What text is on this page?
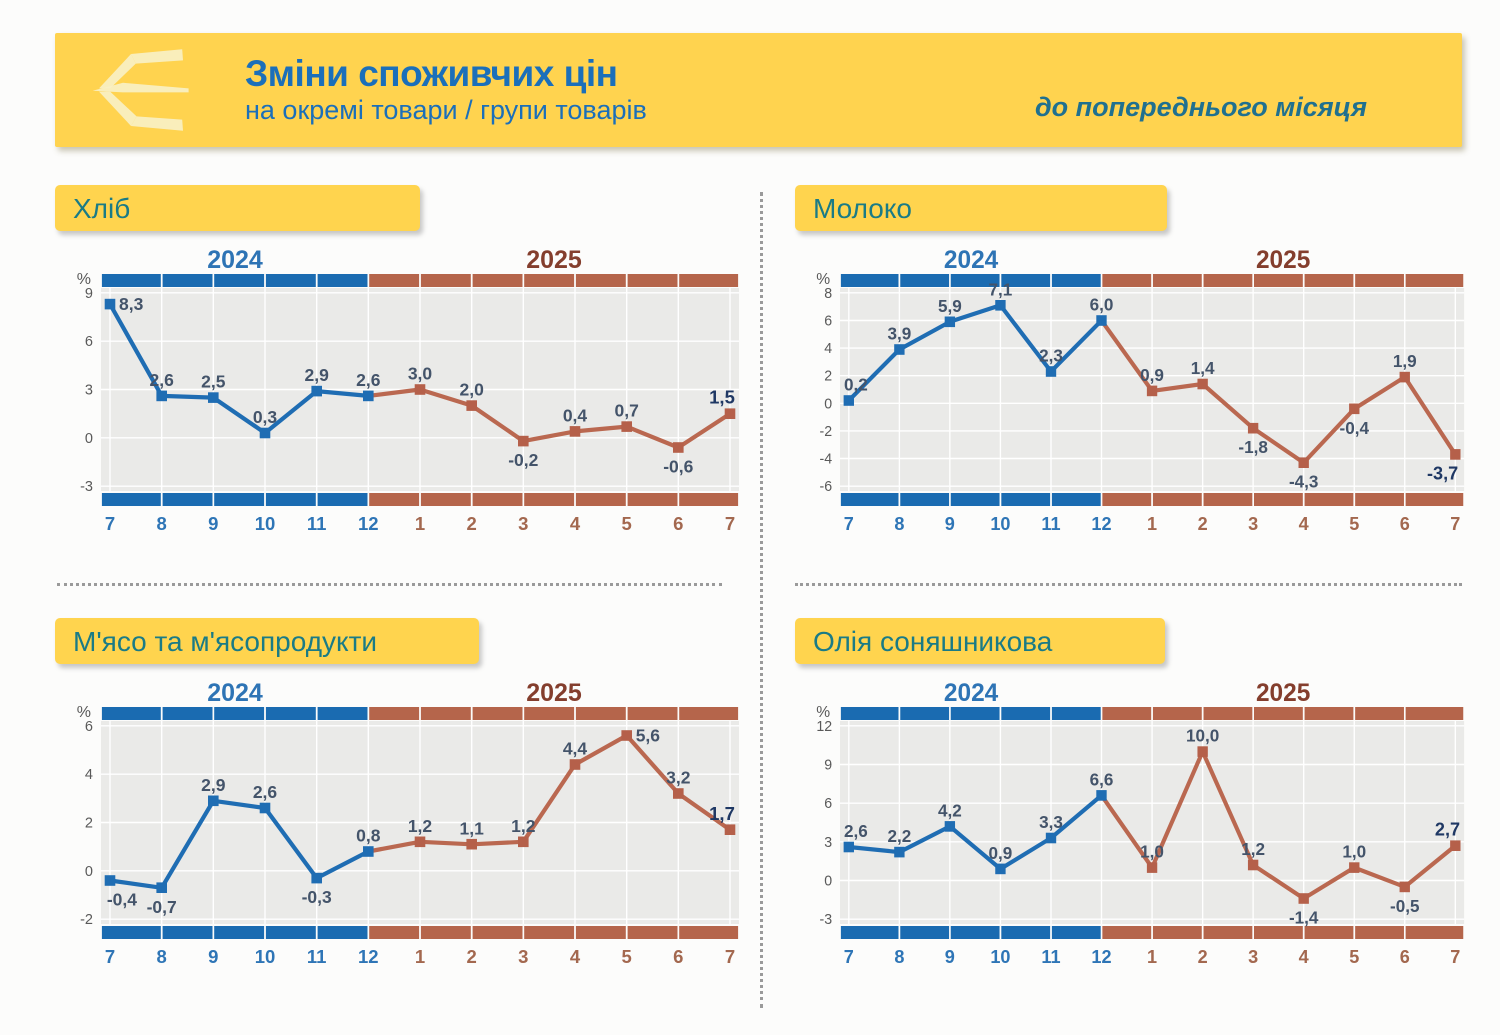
Зміни споживчих цін
на окремі товари / групи товарів	до попереднього місяця
Хліб
2024	2025
%
9
6
3
0
-3
8,3
2,6 2,5
0,3
2,9 2,6 3,0
2,0
-0,2
0,4 0,7
-0,6
1,5
7 8 9 10 11 12 1 2 3 4 5 6 7
Молоко
2024	2025
%
8
6
4
2
0
-2
-4
-6
0,2
3,9
5,9
7,1
2,3
6,0
0,9 1,4
-1,8
-4,3
-0,4
1,9
-3,7
7 8 9 10 11 12 1 2 3 4 5 6 7
М'ясо та м'ясопродукти
2024	2025
%
6
4
2
0
-2
-0,4 -0,7
2,9 2,6
-0,3
0,8 1,2 1,1 1,2
4,4
5,6
3,2
1,7
7 8 9 10 11 12 1 2 3 4 5 6 7
Олія соняшникова
2024	2025
%
12
9
6
3
0
-3
2,6 2,2
4,2
0,9
3,3
6,6
1,0
10,0
1,2
-1,4
1,0
-0,5
2,7
7 8 9 10 11 12 1 2 3 4 5 6 7
